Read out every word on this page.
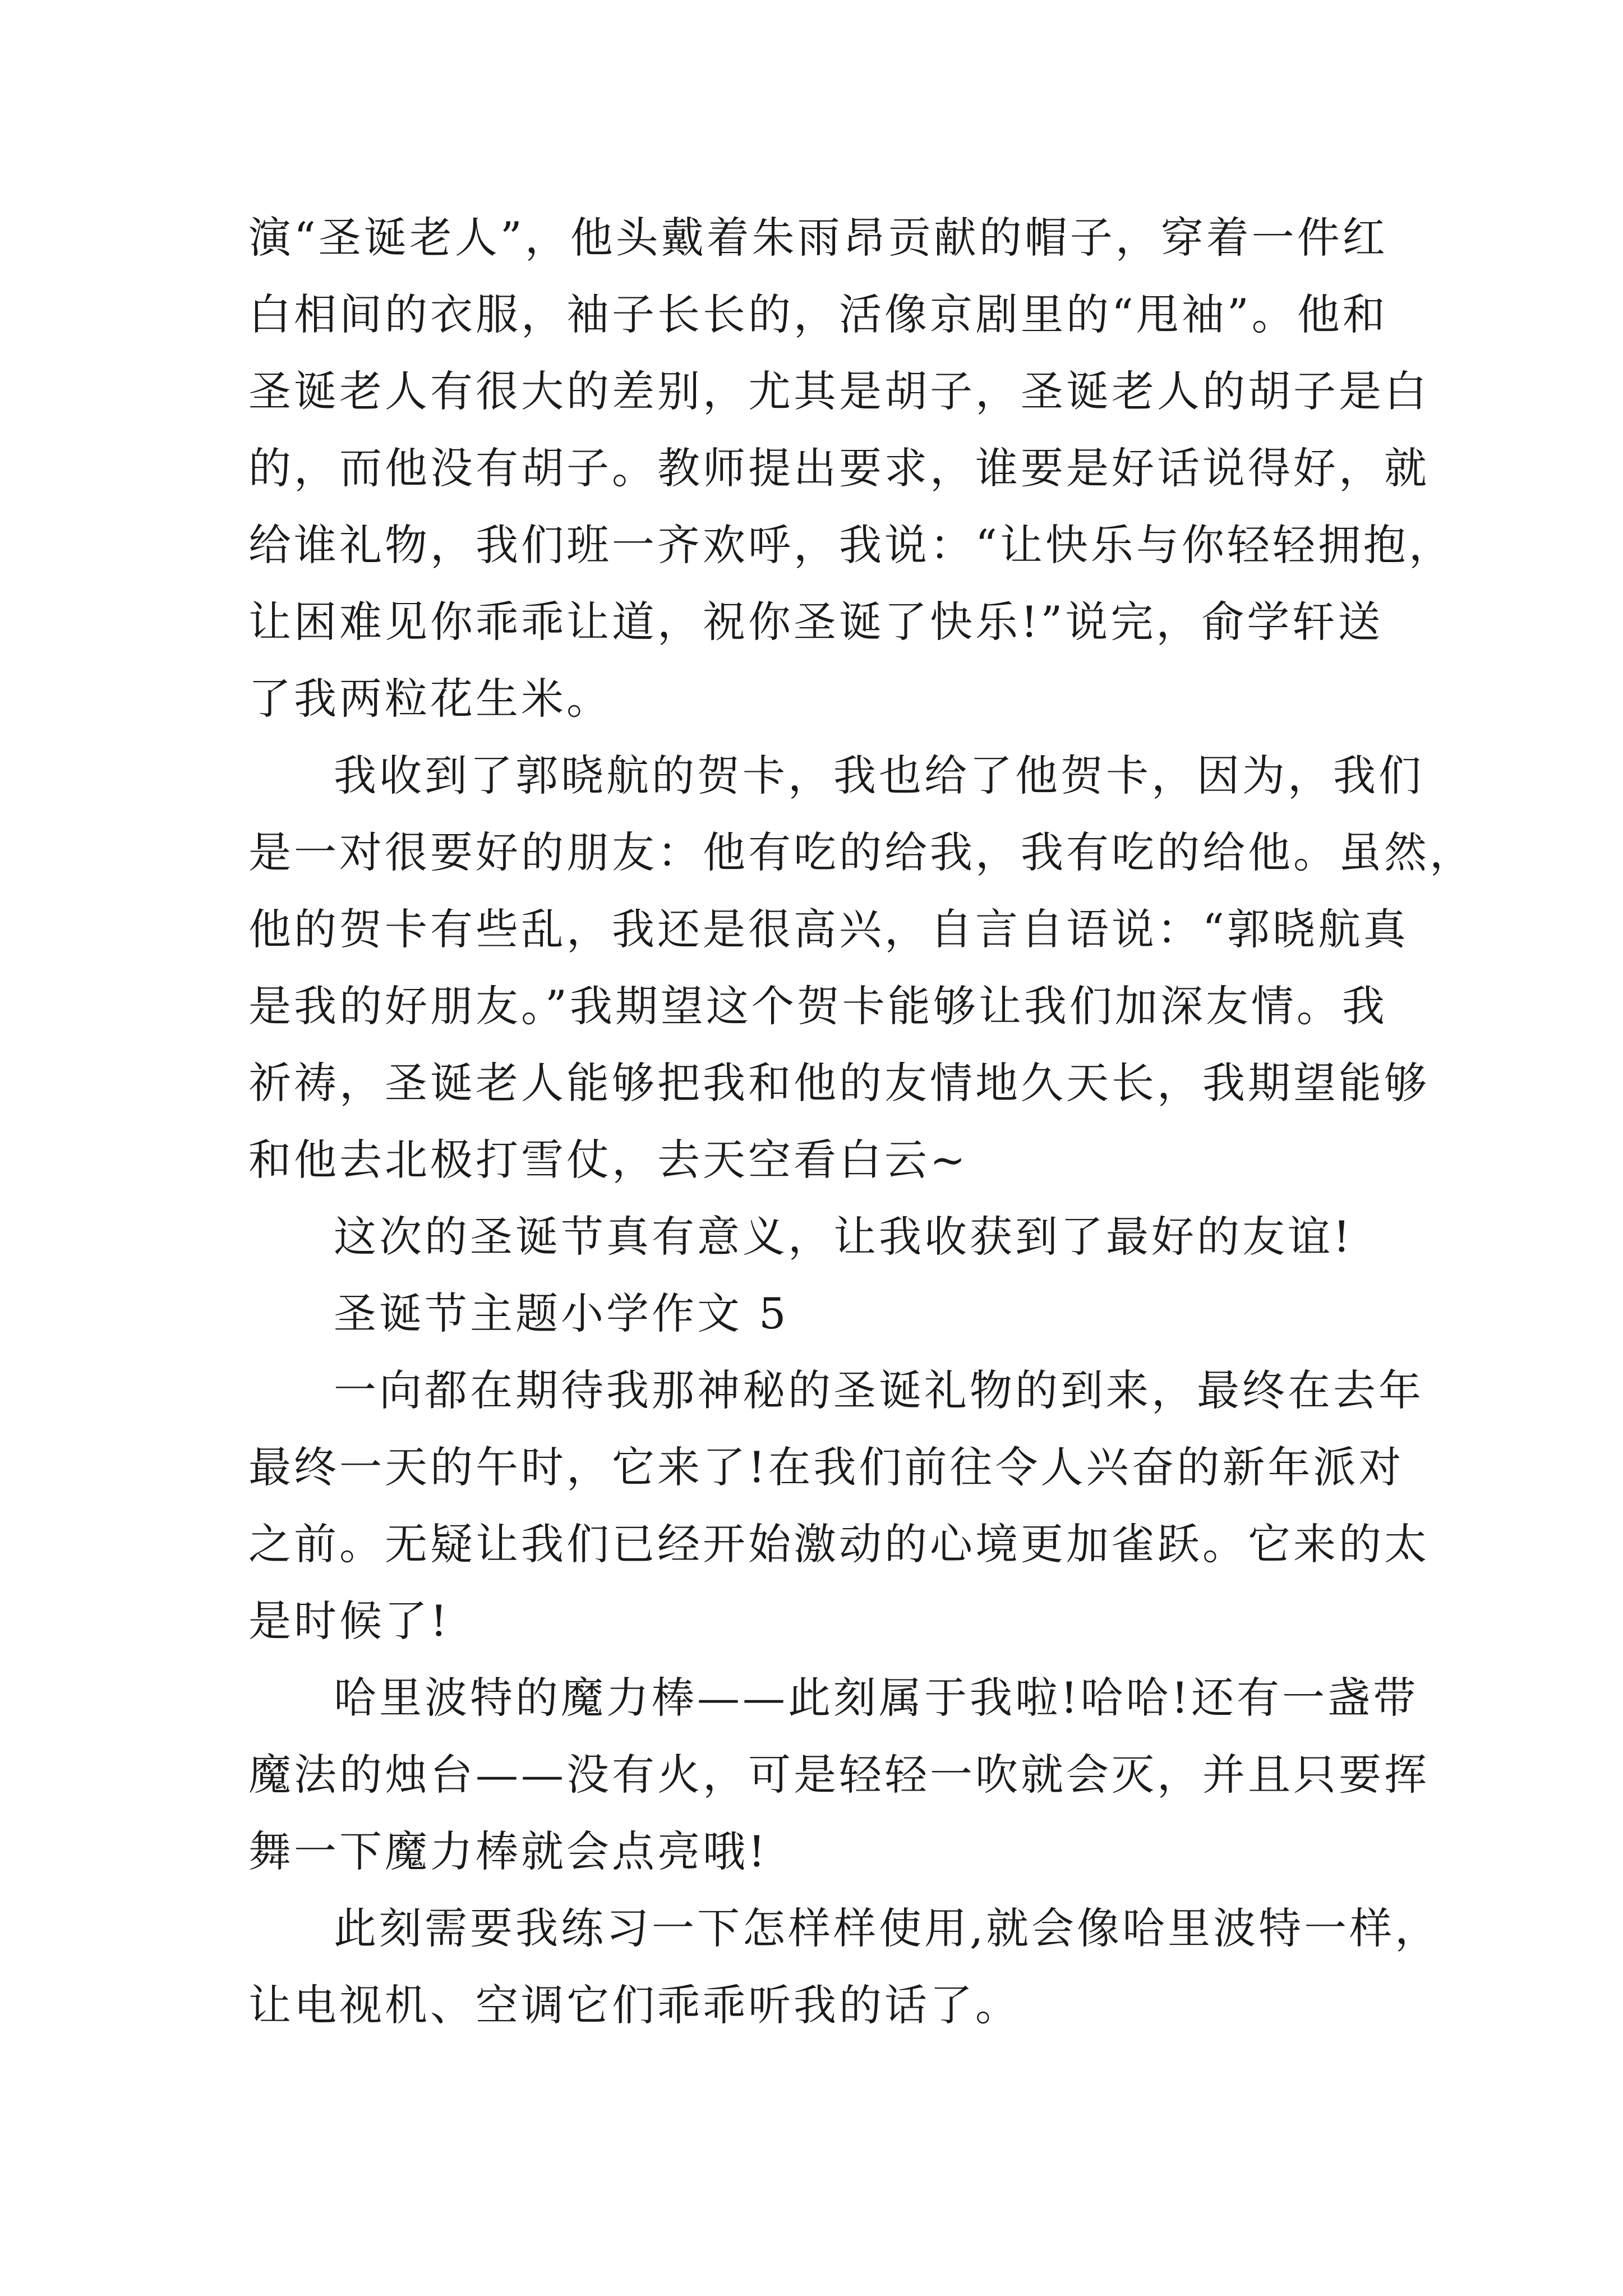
演“圣诞老人”，他头戴着朱雨昂贡献的帽子，穿着一件红
白相间的衣服，袖子长长的，活像京剧里的“甩袖”。他和
圣诞老人有很大的差别，尤其是胡子，圣诞老人的胡子是白
的，而他没有胡子。教师提出要求，谁要是好话说得好，就
给谁礼物，我们班一齐欢呼，我说：“让快乐与你轻轻拥抱，
让困难见你乖乖让道，祝你圣诞了快乐!”说完，俞学轩送
了我两粒花生米。
我收到了郭晓航的贺卡，我也给了他贺卡，因为，我们
是一对很要好的朋友：他有吃的给我，我有吃的给他。虽然，
他的贺卡有些乱，我还是很高兴，自言自语说：“郭晓航真
是我的好朋友。”我期望这个贺卡能够让我们加深友情。我
祈祷，圣诞老人能够把我和他的友情地久天长，我期望能够
和他去北极打雪仗，去天空看白云~
这次的圣诞节真有意义，让我收获到了最好的友谊!
圣诞节主题小学作文 5
一向都在期待我那神秘的圣诞礼物的到来，最终在去年
最终一天的午时，它来了!在我们前往令人兴奋的新年派对
之前。无疑让我们已经开始激动的心境更加雀跃。它来的太
是时候了!
哈里波特的魔力棒——此刻属于我啦!哈哈!还有一盏带
魔法的烛台——没有火，可是轻轻一吹就会灭，并且只要挥
舞一下魔力棒就会点亮哦!
此刻需要我练习一下怎样样使用,就会像哈里波特一样，
让电视机、空调它们乖乖听我的话了。
